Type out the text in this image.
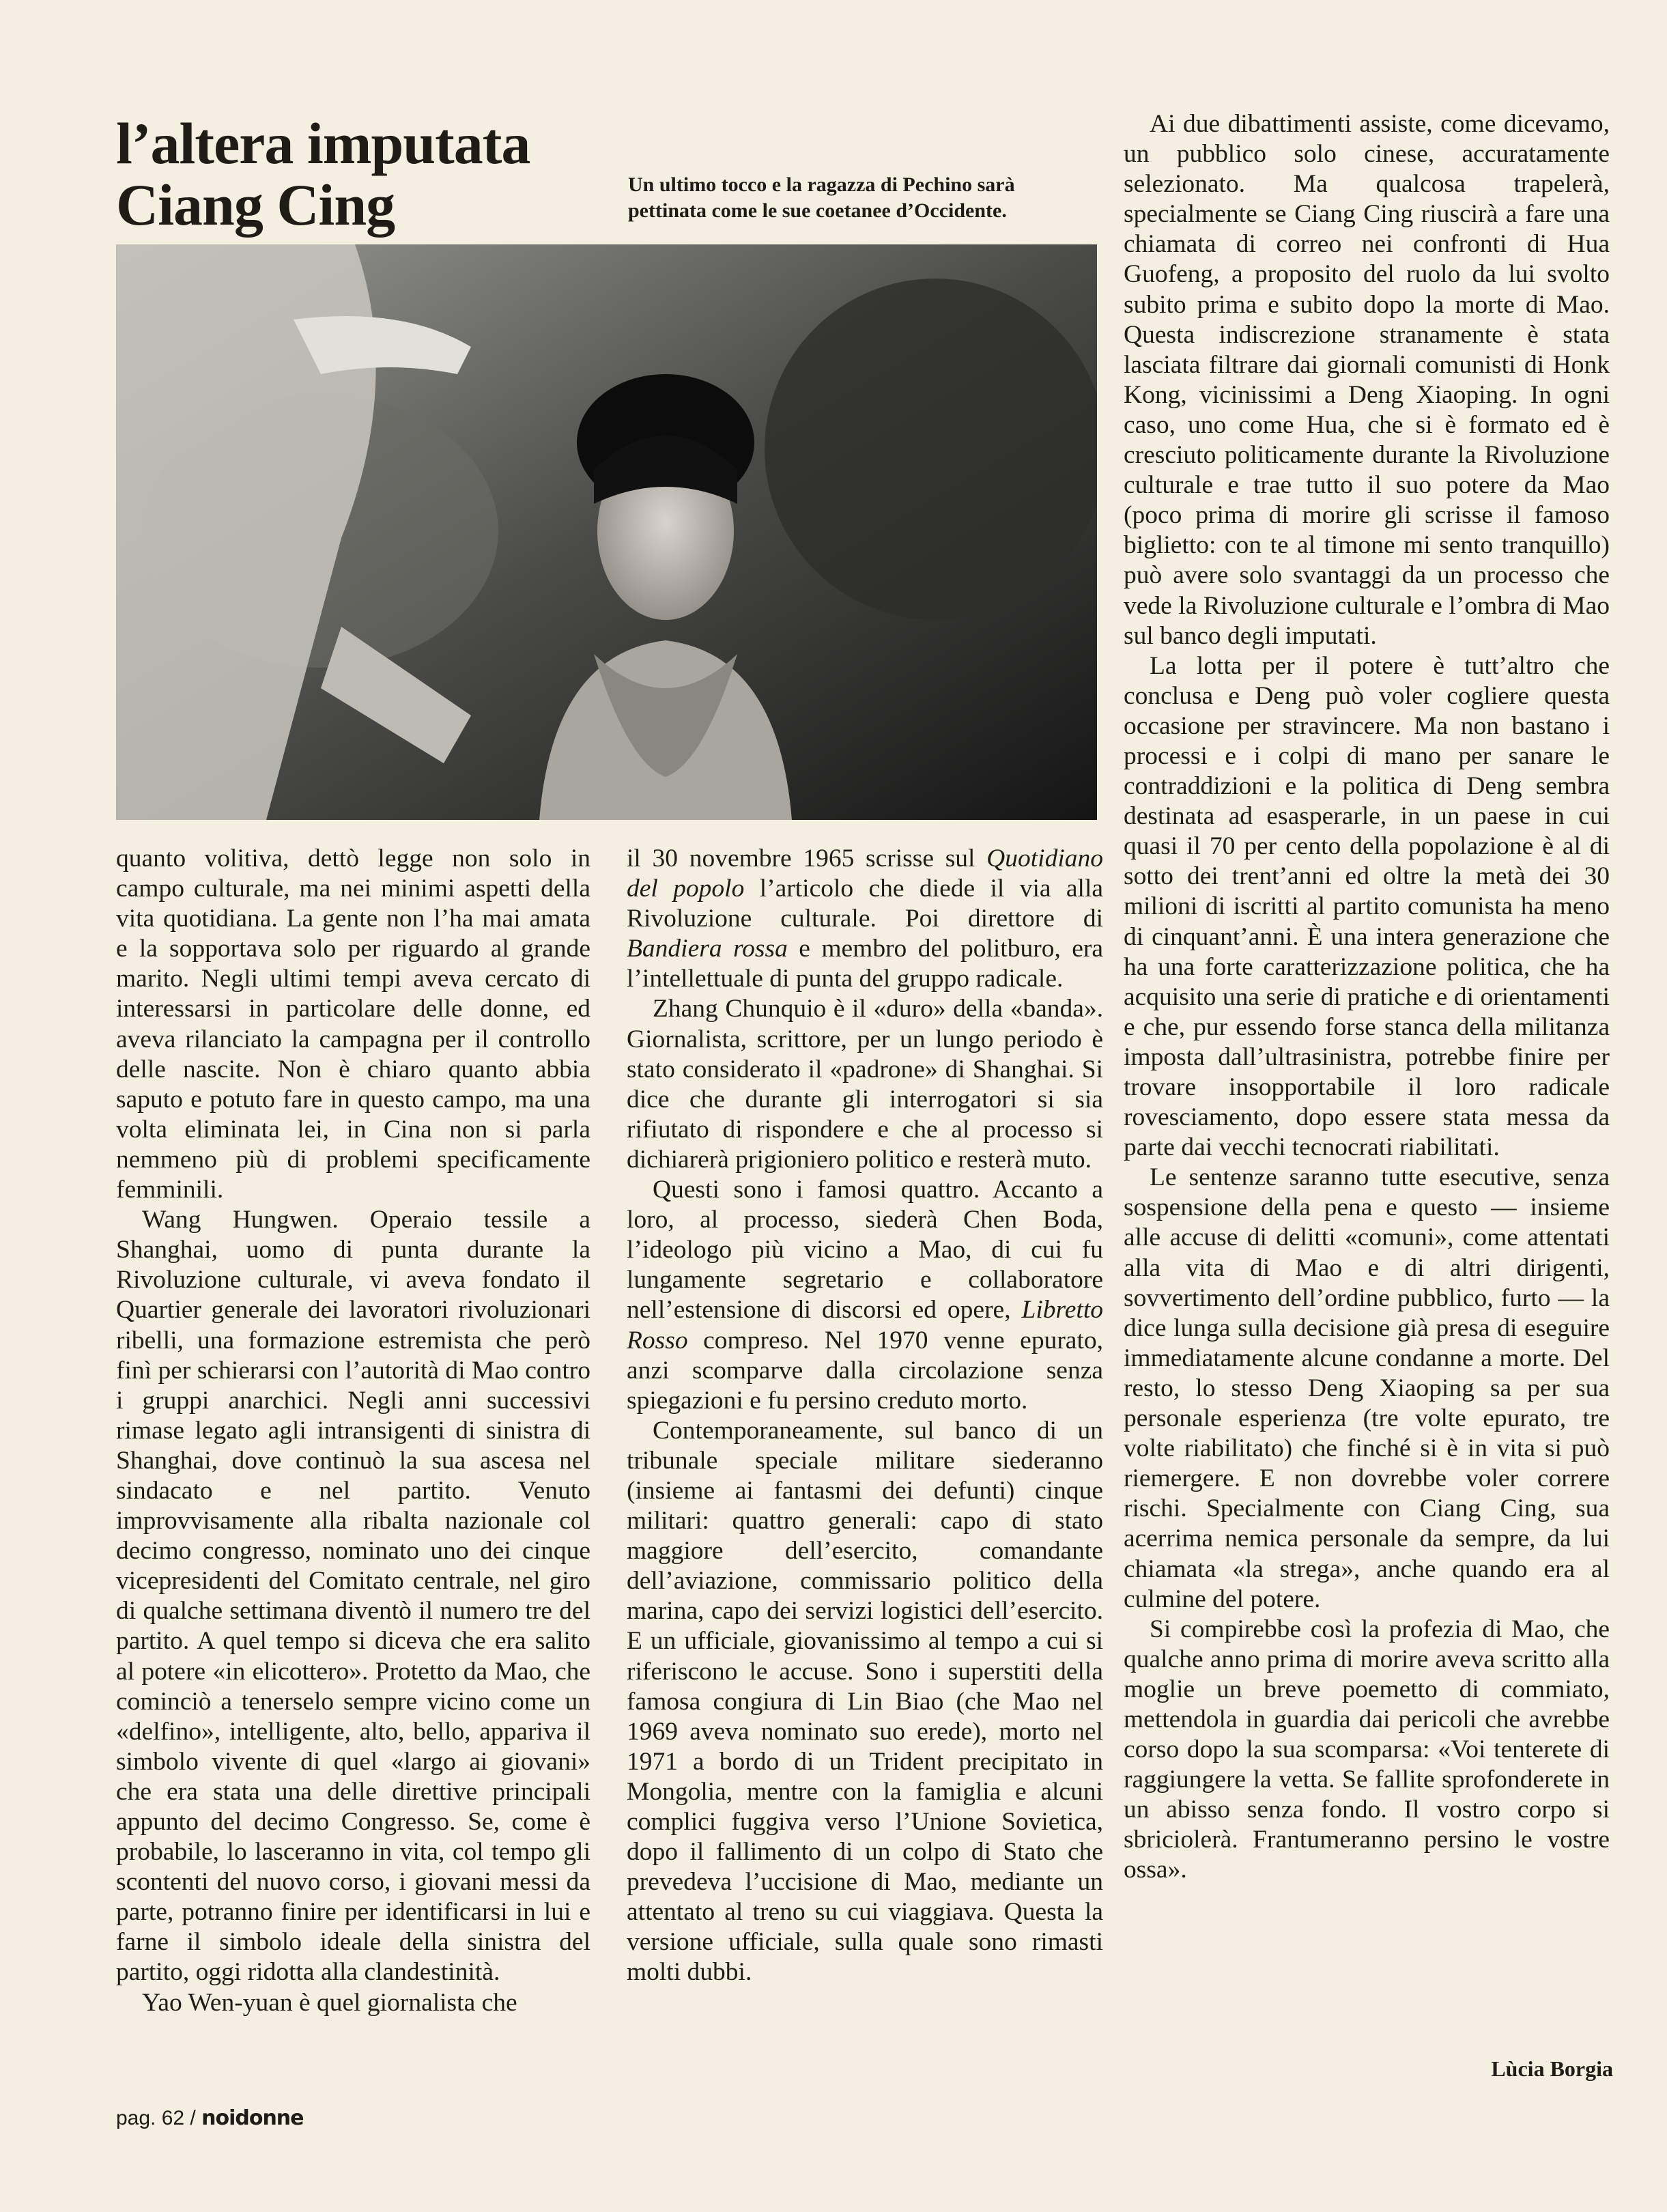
l’altera imputata
Ciang Cing	Un ultimo tocco e la ragazza di Pechino sarà pettinata come le sue coetanee d’Occidente.

quanto volitiva, dettò legge non solo in campo culturale, ma nei minimi aspetti della vita quotidiana. La gente non l’ha mai amata e la sopportava solo per riguardo al grande marito. Negli ultimi tempi aveva cercato di interessarsi in particolare delle donne, ed aveva rilanciato la campagna per il controllo delle nascite. Non è chiaro quanto abbia saputo e potuto fare in questo campo, ma una volta eliminata lei, in Cina non si parla nemmeno più di problemi specificamente femminili.

Wang Hungwen. Operaio tessile a Shanghai, uomo di punta durante la Rivoluzione culturale, vi aveva fondato il Quartier generale dei lavoratori rivoluzionari ribelli, una formazione estremista che però finì per schierarsi con l’autorità di Mao contro i gruppi anarchici. Negli anni successivi rimase legato agli intransigenti di sinistra di Shanghai, dove continuò la sua ascesa nel sindacato e nel partito. Venuto improvvisamente alla ribalta nazionale col decimo congresso, nominato uno dei cinque vicepresidenti del Comitato centrale, nel giro di qualche settimana diventò il numero tre del partito. A quel tempo si diceva che era salito al potere «in elicottero». Protetto da Mao, che cominciò a tenerselo sempre vicino come un «delfino», intelligente, alto, bello, appariva il simbolo vivente di quel «largo ai giovani» che era stata una delle direttive principali appunto del decimo Congresso. Se, come è probabile, lo lasceranno in vita, col tempo gli scontenti del nuovo corso, i giovani messi da parte, potranno finire per identificarsi in lui e farne il simbolo ideale della sinistra del partito, oggi ridotta alla clandestinità.

Yao Wen-yuan è quel giornalista che

il 30 novembre 1965 scrisse sul Quotidiano del popolo l’articolo che diede il via alla Rivoluzione culturale. Poi direttore di Bandiera rossa e membro del politburo, era l’intellettuale di punta del gruppo radicale.

Zhang Chunquio è il «duro» della «banda». Giornalista, scrittore, per un lungo periodo è stato considerato il «padrone» di Shanghai. Si dice che durante gli interrogatori si sia rifiutato di rispondere e che al processo si dichiarerà prigioniero politico e resterà muto.

Questi sono i famosi quattro. Accanto a loro, al processo, siederà Chen Boda, l’ideologo più vicino a Mao, di cui fu lungamente segretario e collaboratore nell’estensione di discorsi ed opere, Libretto Rosso compreso. Nel 1970 venne epurato, anzi scomparve dalla circolazione senza spiegazioni e fu persino creduto morto.

Contemporaneamente, sul banco di un tribunale speciale militare siederanno (insieme ai fantasmi dei defunti) cinque militari: quattro generali: capo di stato maggiore dell’esercito, comandante dell’aviazione, commissario politico della marina, capo dei servizi logistici dell’esercito. E un ufficiale, giovanissimo al tempo a cui si riferiscono le accuse. Sono i superstiti della famosa congiura di Lin Biao (che Mao nel 1969 aveva nominato suo erede), morto nel 1971 a bordo di un Trident precipitato in Mongolia, mentre con la famiglia e alcuni complici fuggiva verso l’Unione Sovietica, dopo il fallimento di un colpo di Stato che prevedeva l’uccisione di Mao, mediante un attentato al treno su cui viaggiava. Questa la versione ufficiale, sulla quale sono rimasti molti dubbi.

Ai due dibattimenti assiste, come dicevamo, un pubblico solo cinese, accuratamente selezionato. Ma qualcosa trapelerà, specialmente se Ciang Cing riuscirà a fare una chiamata di correo nei confronti di Hua Guofeng, a proposito del ruolo da lui svolto subito prima e subito dopo la morte di Mao. Questa indiscrezione stranamente è stata lasciata filtrare dai giornali comunisti di Honk Kong, vicinissimi a Deng Xiaoping. In ogni caso, uno come Hua, che si è formato ed è cresciuto politicamente durante la Rivoluzione culturale e trae tutto il suo potere da Mao (poco prima di morire gli scrisse il famoso biglietto: con te al timone mi sento tranquillo) può avere solo svantaggi da un processo che vede la Rivoluzione culturale e l’ombra di Mao sul banco degli imputati.

La lotta per il potere è tutt’altro che conclusa e Deng può voler cogliere questa occasione per stravincere. Ma non bastano i processi e i colpi di mano per sanare le contraddizioni e la politica di Deng sembra destinata ad esasperarle, in un paese in cui quasi il 70 per cento della popolazione è al di sotto dei trent’anni ed oltre la metà dei 30 milioni di iscritti al partito comunista ha meno di cinquant’anni. È una intera generazione che ha una forte caratterizzazione politica, che ha acquisito una serie di pratiche e di orientamenti e che, pur essendo forse stanca della militanza imposta dall’ultrasinistra, potrebbe finire per trovare insopportabile il loro radicale rovesciamento, dopo essere stata messa da parte dai vecchi tecnocrati riabilitati.

Le sentenze saranno tutte esecutive, senza sospensione della pena e questo — insieme alle accuse di delitti «comuni», come attentati alla vita di Mao e di altri dirigenti, sovvertimento dell’ordine pubblico, furto — la dice lunga sulla decisione già presa di eseguire immediatamente alcune condanne a morte. Del resto, lo stesso Deng Xiaoping sa per sua personale esperienza (tre volte epurato, tre volte riabilitato) che finché si è in vita si può riemergere. E non dovrebbe voler correre rischi. Specialmente con Ciang Cing, sua acerrima nemica personale da sempre, da lui chiamata «la strega», anche quando era al culmine del potere.

Si compirebbe così la profezia di Mao, che qualche anno prima di morire aveva scritto alla moglie un breve poemetto di commiato, mettendola in guardia dai pericoli che avrebbe corso dopo la sua scomparsa: «Voi tenterete di raggiungere la vetta. Se fallite sprofonderete in un abisso senza fondo. Il vostro corpo si sbriciolerà. Frantumeranno persino le vostre ossa».

Lùcia Borgia

pag. 62 / noidonne
